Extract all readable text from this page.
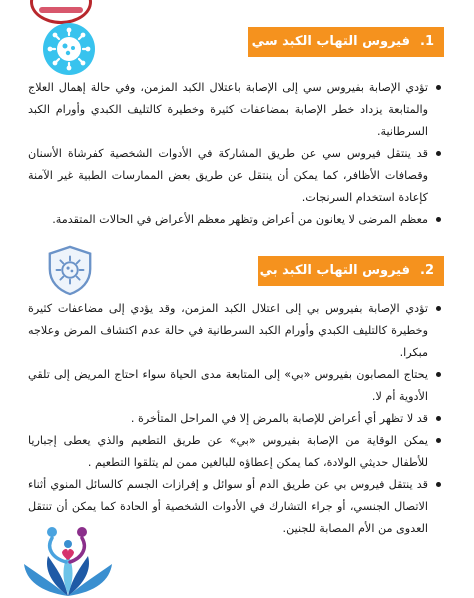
1.فيروس التهاب الكبد سي
تؤدي الإصابة بفيروس سي إلى الإصابة باعتلال الكبد المزمن، وفي حالة إهمال العلاج والمتابعة يزداد خطر الإصابة بمضاعفات كثيرة وخطيرة كالتليف الكبدي وأورام الكبد السرطانية.
قد ينتقل فيروس سي عن طريق المشاركة في الأدوات الشخصية كفرشاة الأسنان وقصافات الأظافر، كما يمكن أن ينتقل عن طريق بعض الممارسات الطبية غير الآمنة كإعادة استخدام السرنجات.
معظم المرضى لا يعانون من أعراض وتظهر معظم الأعراض في الحالات المتقدمة.
2.فيروس التهاب الكبد بي
تؤدي الإصابة بفيروس بي إلى اعتلال الكبد المزمن، وقد يؤدي إلى مضاعفات كثيرة وخطيرة كالتليف الكبدي وأورام الكبد السرطانية في حالة عدم اكتشاف المرض وعلاجه مبكرا.
يحتاج المصابون بفيروس «بي» إلى المتابعة مدى الحياة سواء احتاج المريض إلى تلقي الأدوية أم لا.
قد لا تظهر أي أعراض للإصابة بالمرض إلا في المراحل المتأخرة .
يمكن الوقاية من الإصابة بفيروس «بي» عن طريق التطعيم والذي يعطى إجباريا للأطفال حديثي الولادة، كما يمكن إعطاؤه للبالغين ممن لم يتلقوا التطعيم .
قد ينتقل فيروس بي عن طريق الدم أو سوائل و إفرازات الجسم كالسائل المنوي أثناء الاتصال الجنسي، أو جراء التشارك في الأدوات الشخصية أو الحادة كما يمكن أن تنتقل العدوى من الأم المصابة للجنين.
